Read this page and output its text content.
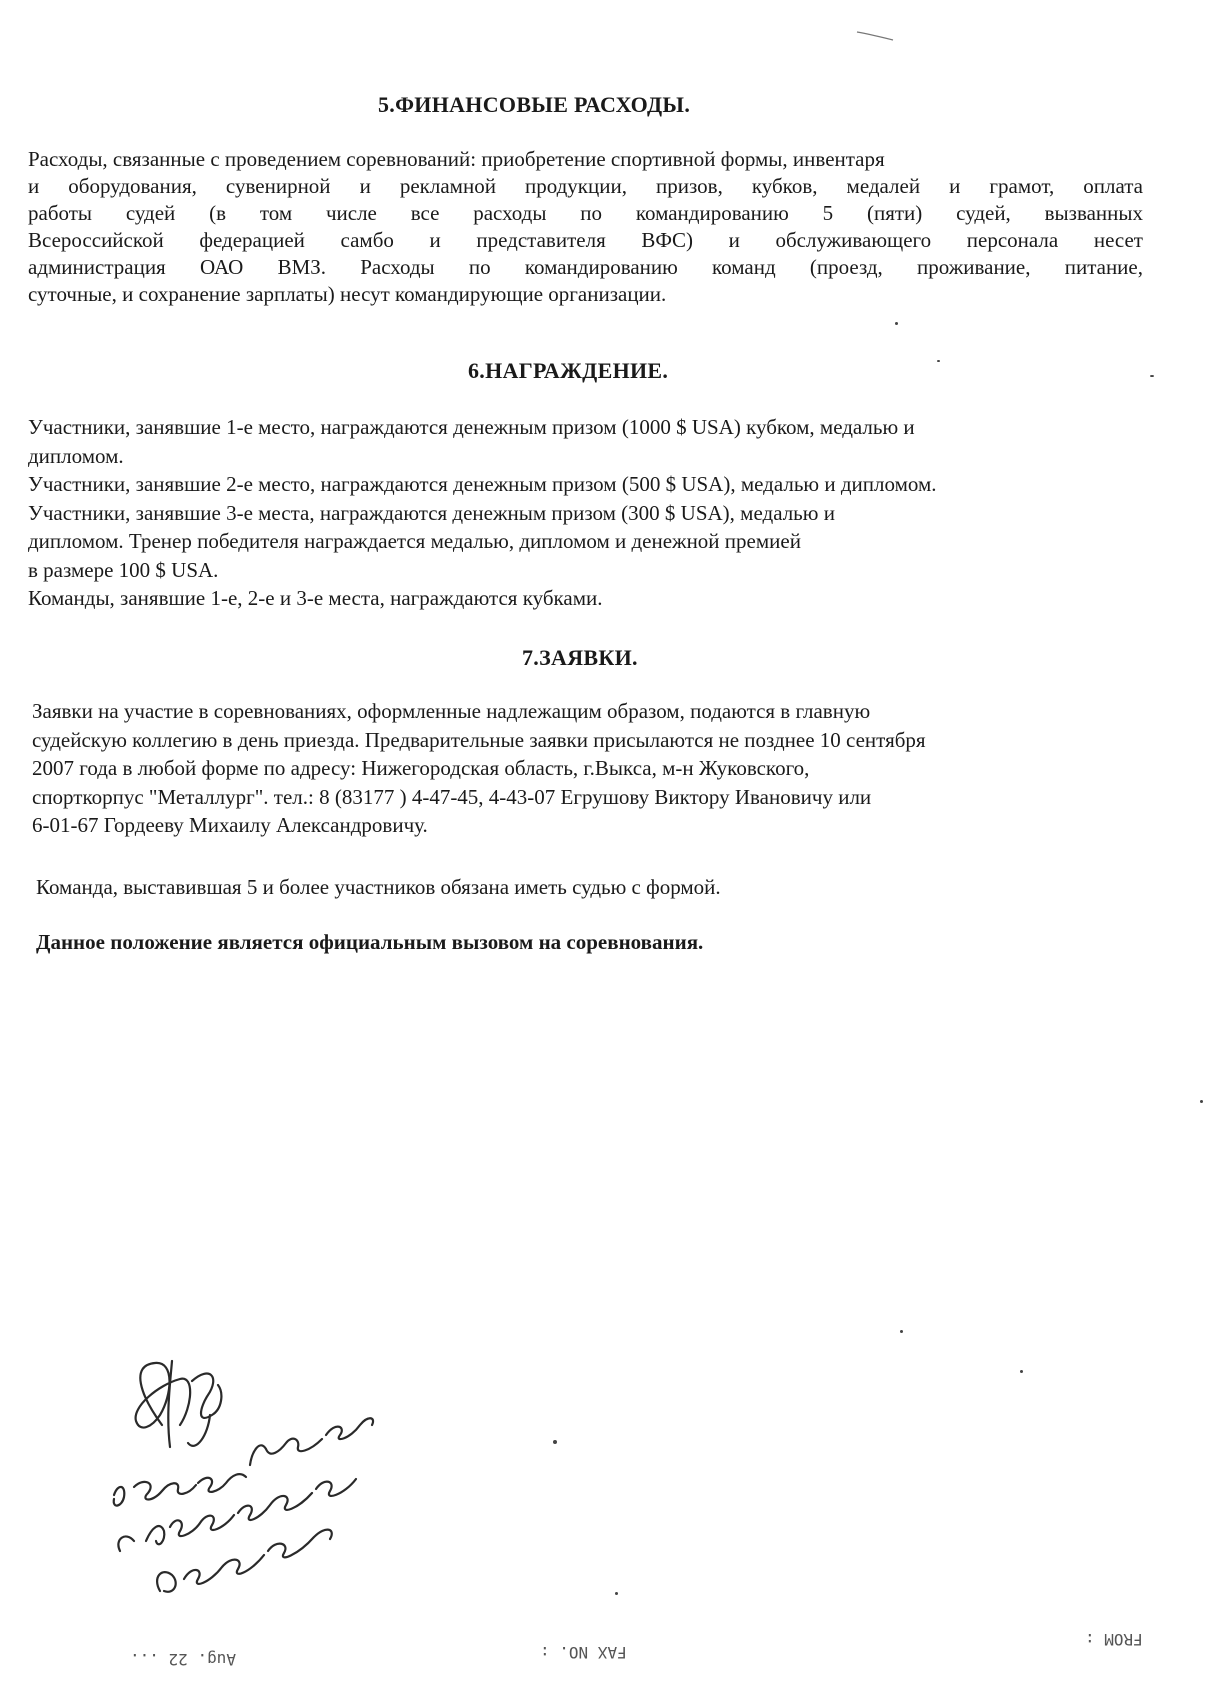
5.ФИНАНСОВЫЕ РАСХОДЫ.
Расходы, связанные с проведением соревнований: приобретение спортивной формы, инвентаря
и оборудования, сувенирной и рекламной продукции, призов, кубков, медалей и грамот, оплата
работы судей (в том числе все расходы по командированию 5 (пяти) судей, вызванных
Всероссийской федерацией самбо и представителя ВФС) и обслуживающего персонала несет
администрация ОАО ВМЗ. Расходы по командированию команд (проезд, проживание, питание,
суточные, и сохранение зарплаты) несут командирующие организации.
6.НАГРАЖДЕНИЕ.
Участники, занявшие 1-е место, награждаются денежным призом (1000 $ USA) кубком, медалью и
дипломом.
Участники, занявшие 2-е место, награждаются денежным призом (500 $ USA), медалью и дипломом.
Участники, занявшие 3-е места, награждаются денежным призом (300 $ USA), медалью и
дипломом. Тренер победителя награждается медалью, дипломом и денежной премией
в размере 100 $ USA.
Команды, занявшие 1-е, 2-е и 3-е места, награждаются кубками.
7.ЗАЯВКИ.
Заявки на участие в соревнованиях, оформленные надлежащим образом, подаются в главную
судейскую коллегию в день приезда. Предварительные заявки присылаются не позднее 10 сентября
2007 года в любой форме по адресу: Нижегородская область, г.Выкса, м-н Жуковского,
спорткорпус "Металлург". тел.: 8 (83177 ) 4-47-45, 4-43-07 Егрушову Виктору Ивановичу или
6-01-67 Гордееву Михаилу Александровичу.
Команда, выставившая 5 и более участников обязана иметь судью с формой.
Данное положение является официальным вызовом на соревнования.
FROM :
FAX NO. :
Aug. 22 ...
